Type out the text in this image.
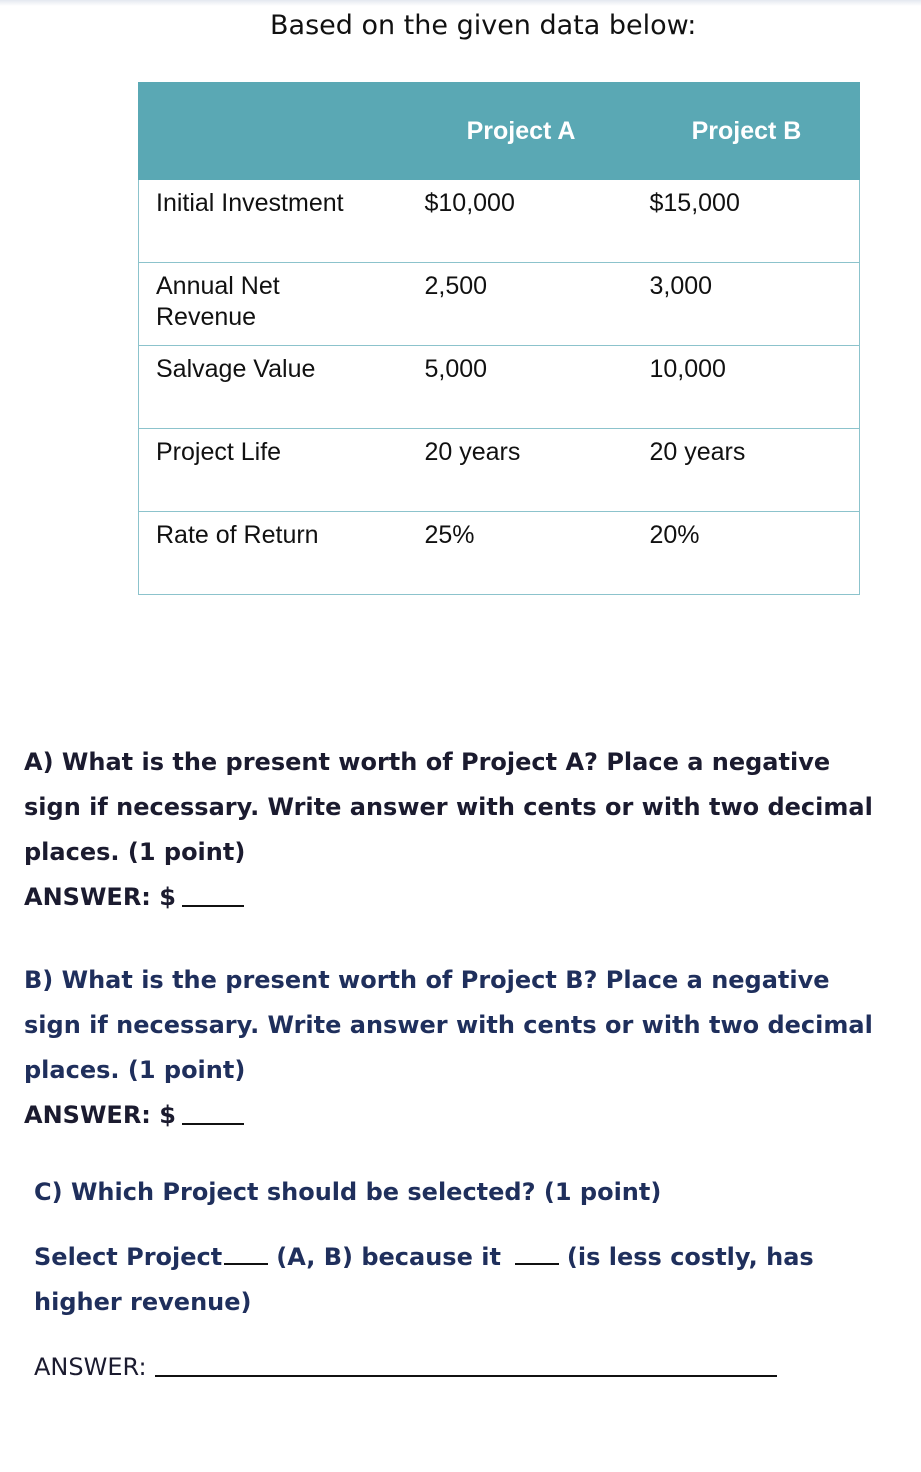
Based on the given data below:
	Project A	Project B
Initial Investment	$10,000	$15,000
Annual Net Revenue	2,500	3,000
Salvage Value	5,000	10,000
Project Life	20 years	20 years
Rate of Return	25%	20%
A) What is the present worth of Project A? Place a negative sign if necessary. Write answer with cents or with two decimal places. (1 point)
ANSWER: $
B) What is the present worth of Project B? Place a negative sign if necessary. Write answer with cents or with two decimal places. (1 point)
ANSWER: $
C) Which Project should be selected? (1 point)
Select Project (A, B) because it	(is less costly, has higher revenue)
ANSWER:
